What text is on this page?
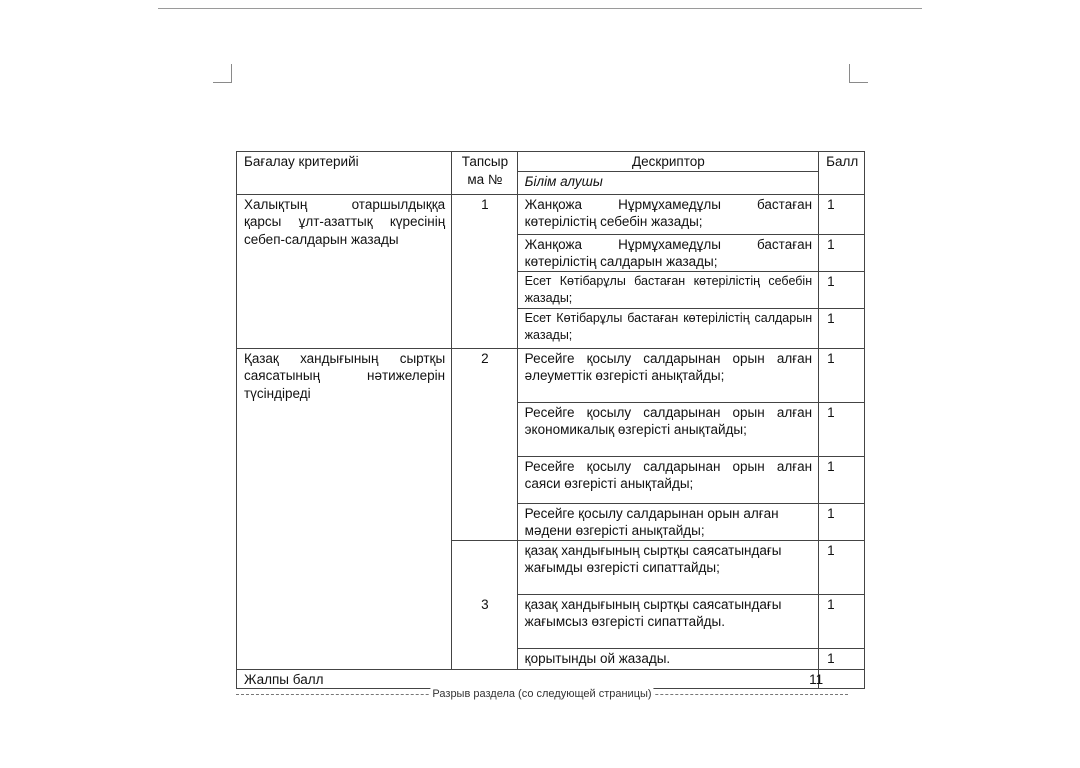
Бағалау критерийі	Тапсыр ма №	Дескриптор	Балл
		Білім алушы	
Халықтың отаршылдыққа қарсы ұлт-азаттық күресінің себеп-салдарын жазады	1	Жанқожа Нұрмұхамедұлы бастаған көтерілістің себебін жазады;	1
		Жанқожа Нұрмұхамедұлы бастаған көтерілістің салдарын жазады;	1
		Есет Көтібарұлы бастаған көтерілістің себебін жазады;	1
		Есет Көтібарұлы бастаған көтерілістің салдарын жазады;	1
Қазақ хандығының сыртқы саясатының нәтижелерін түсіндіреді	2	Ресейге қосылу салдарынан орын алған әлеуметтік өзгерісті анықтайды;	1
		Ресейге қосылу салдарынан орын алған экономикалық өзгерісті анықтайды;	1
		Ресейге қосылу салдарынан орын алған саяси өзгерісті анықтайды;	1
		Ресейге қосылу салдарынан орын алған мәдени өзгерісті анықтайды;	1
	3	қазақ хандығының сыртқы саясатындағы жағымды өзгерісті сипаттайды;	1
		қазақ хандығының сыртқы саясатындағы жағымсыз өзгерісті сипаттайды.	1
		қорытынды ой жазады.	1
Жалпы балл			11
Разрыв раздела (со следующей страницы)
